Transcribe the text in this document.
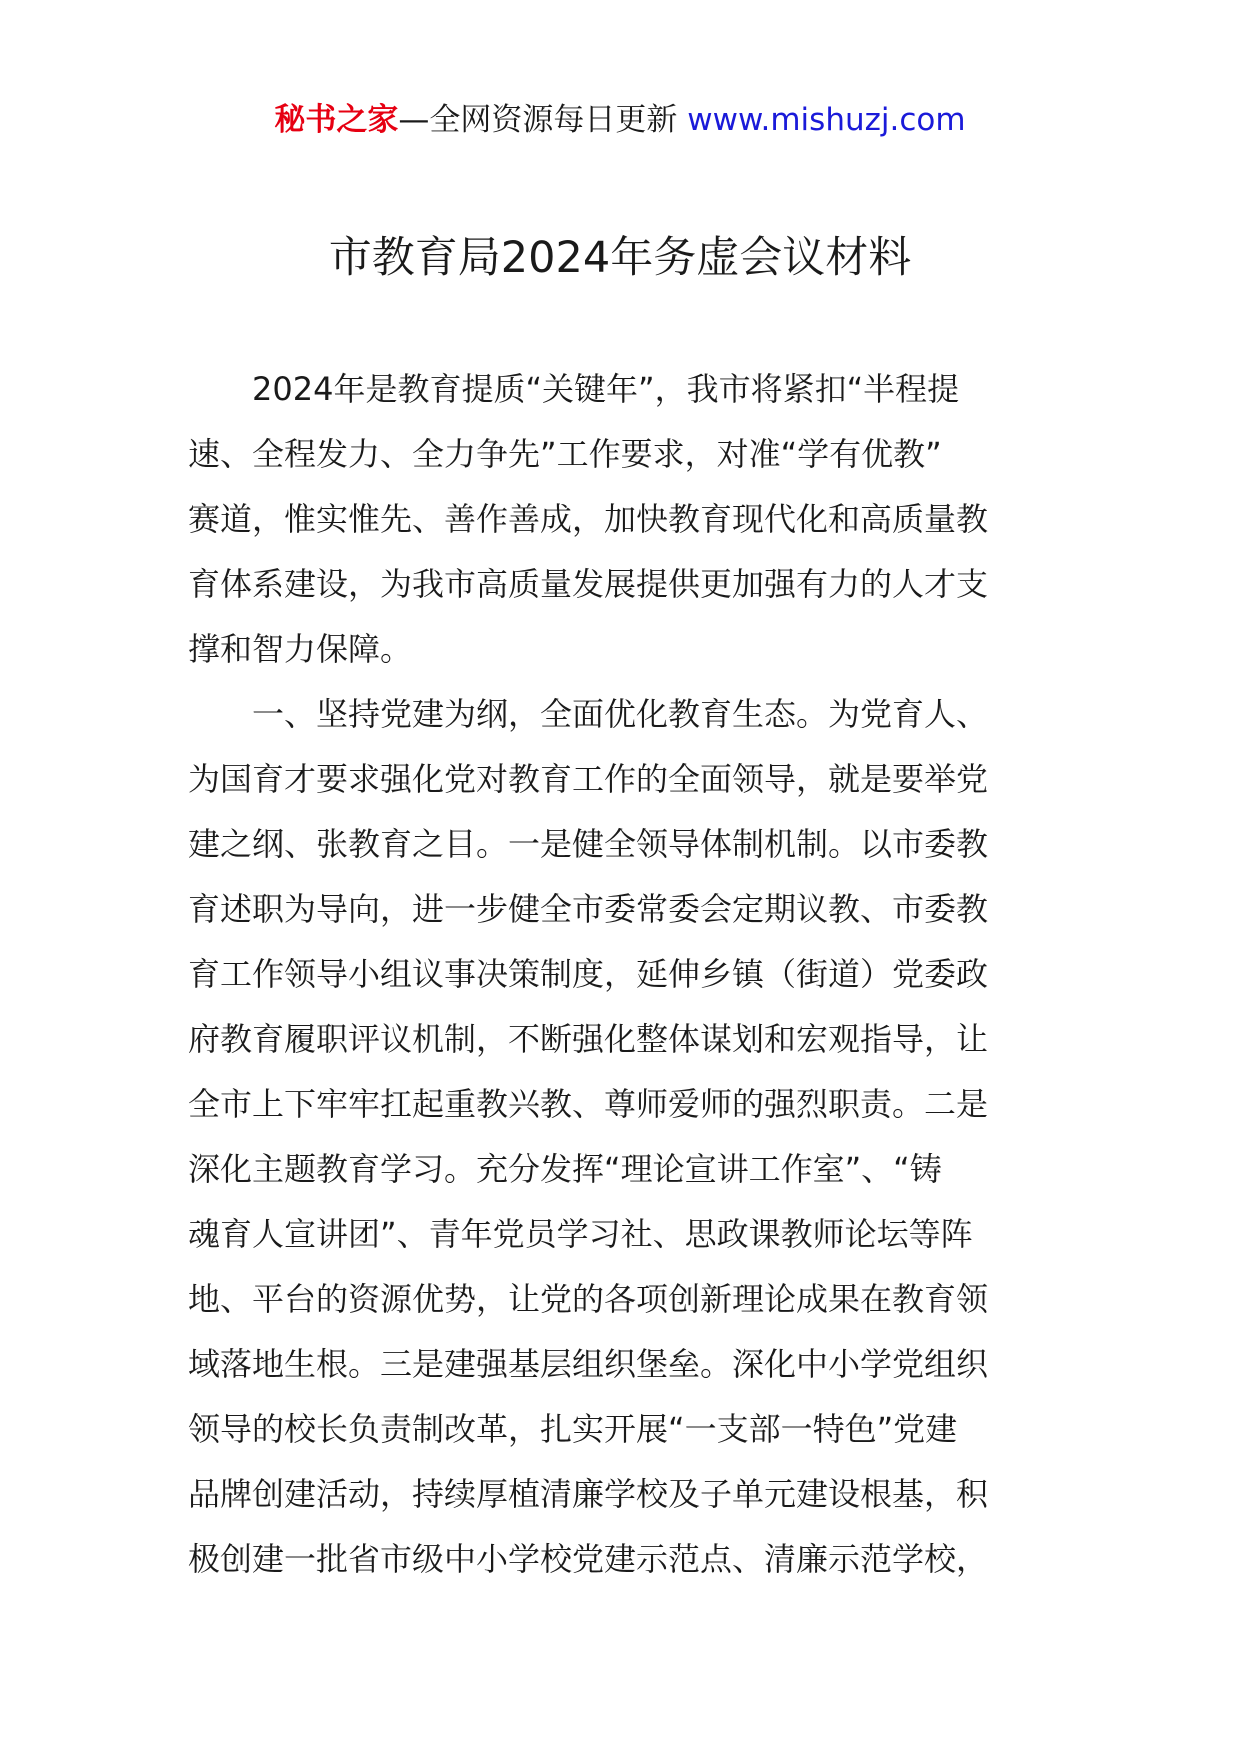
秘书之家—全网资源每日更新 www.mishuzj.com
市教育局2024年务虚会议材料
　　2024年是教育提质“关键年”，我市将紧扣“半程提
速、全程发力、全力争先”工作要求，对准“学有优教”
赛道，惟实惟先、善作善成，加快教育现代化和高质量教
育体系建设，为我市高质量发展提供更加强有力的人才支
撑和智力保障。
　　一、坚持党建为纲，全面优化教育生态。为党育人、
为国育才要求强化党对教育工作的全面领导，就是要举党
建之纲、张教育之目。一是健全领导体制机制。以市委教
育述职为导向，进一步健全市委常委会定期议教、市委教
育工作领导小组议事决策制度，延伸乡镇（街道）党委政
府教育履职评议机制，不断强化整体谋划和宏观指导，让
全市上下牢牢扛起重教兴教、尊师爱师的强烈职责。二是
深化主题教育学习。充分发挥“理论宣讲工作室”、“铸
魂育人宣讲团”、青年党员学习社、思政课教师论坛等阵
地、平台的资源优势，让党的各项创新理论成果在教育领
域落地生根。三是建强基层组织堡垒。深化中小学党组织
领导的校长负责制改革，扎实开展“一支部一特色”党建
品牌创建活动，持续厚植清廉学校及子单元建设根基，积
极创建一批省市级中小学校党建示范点、清廉示范学校，
